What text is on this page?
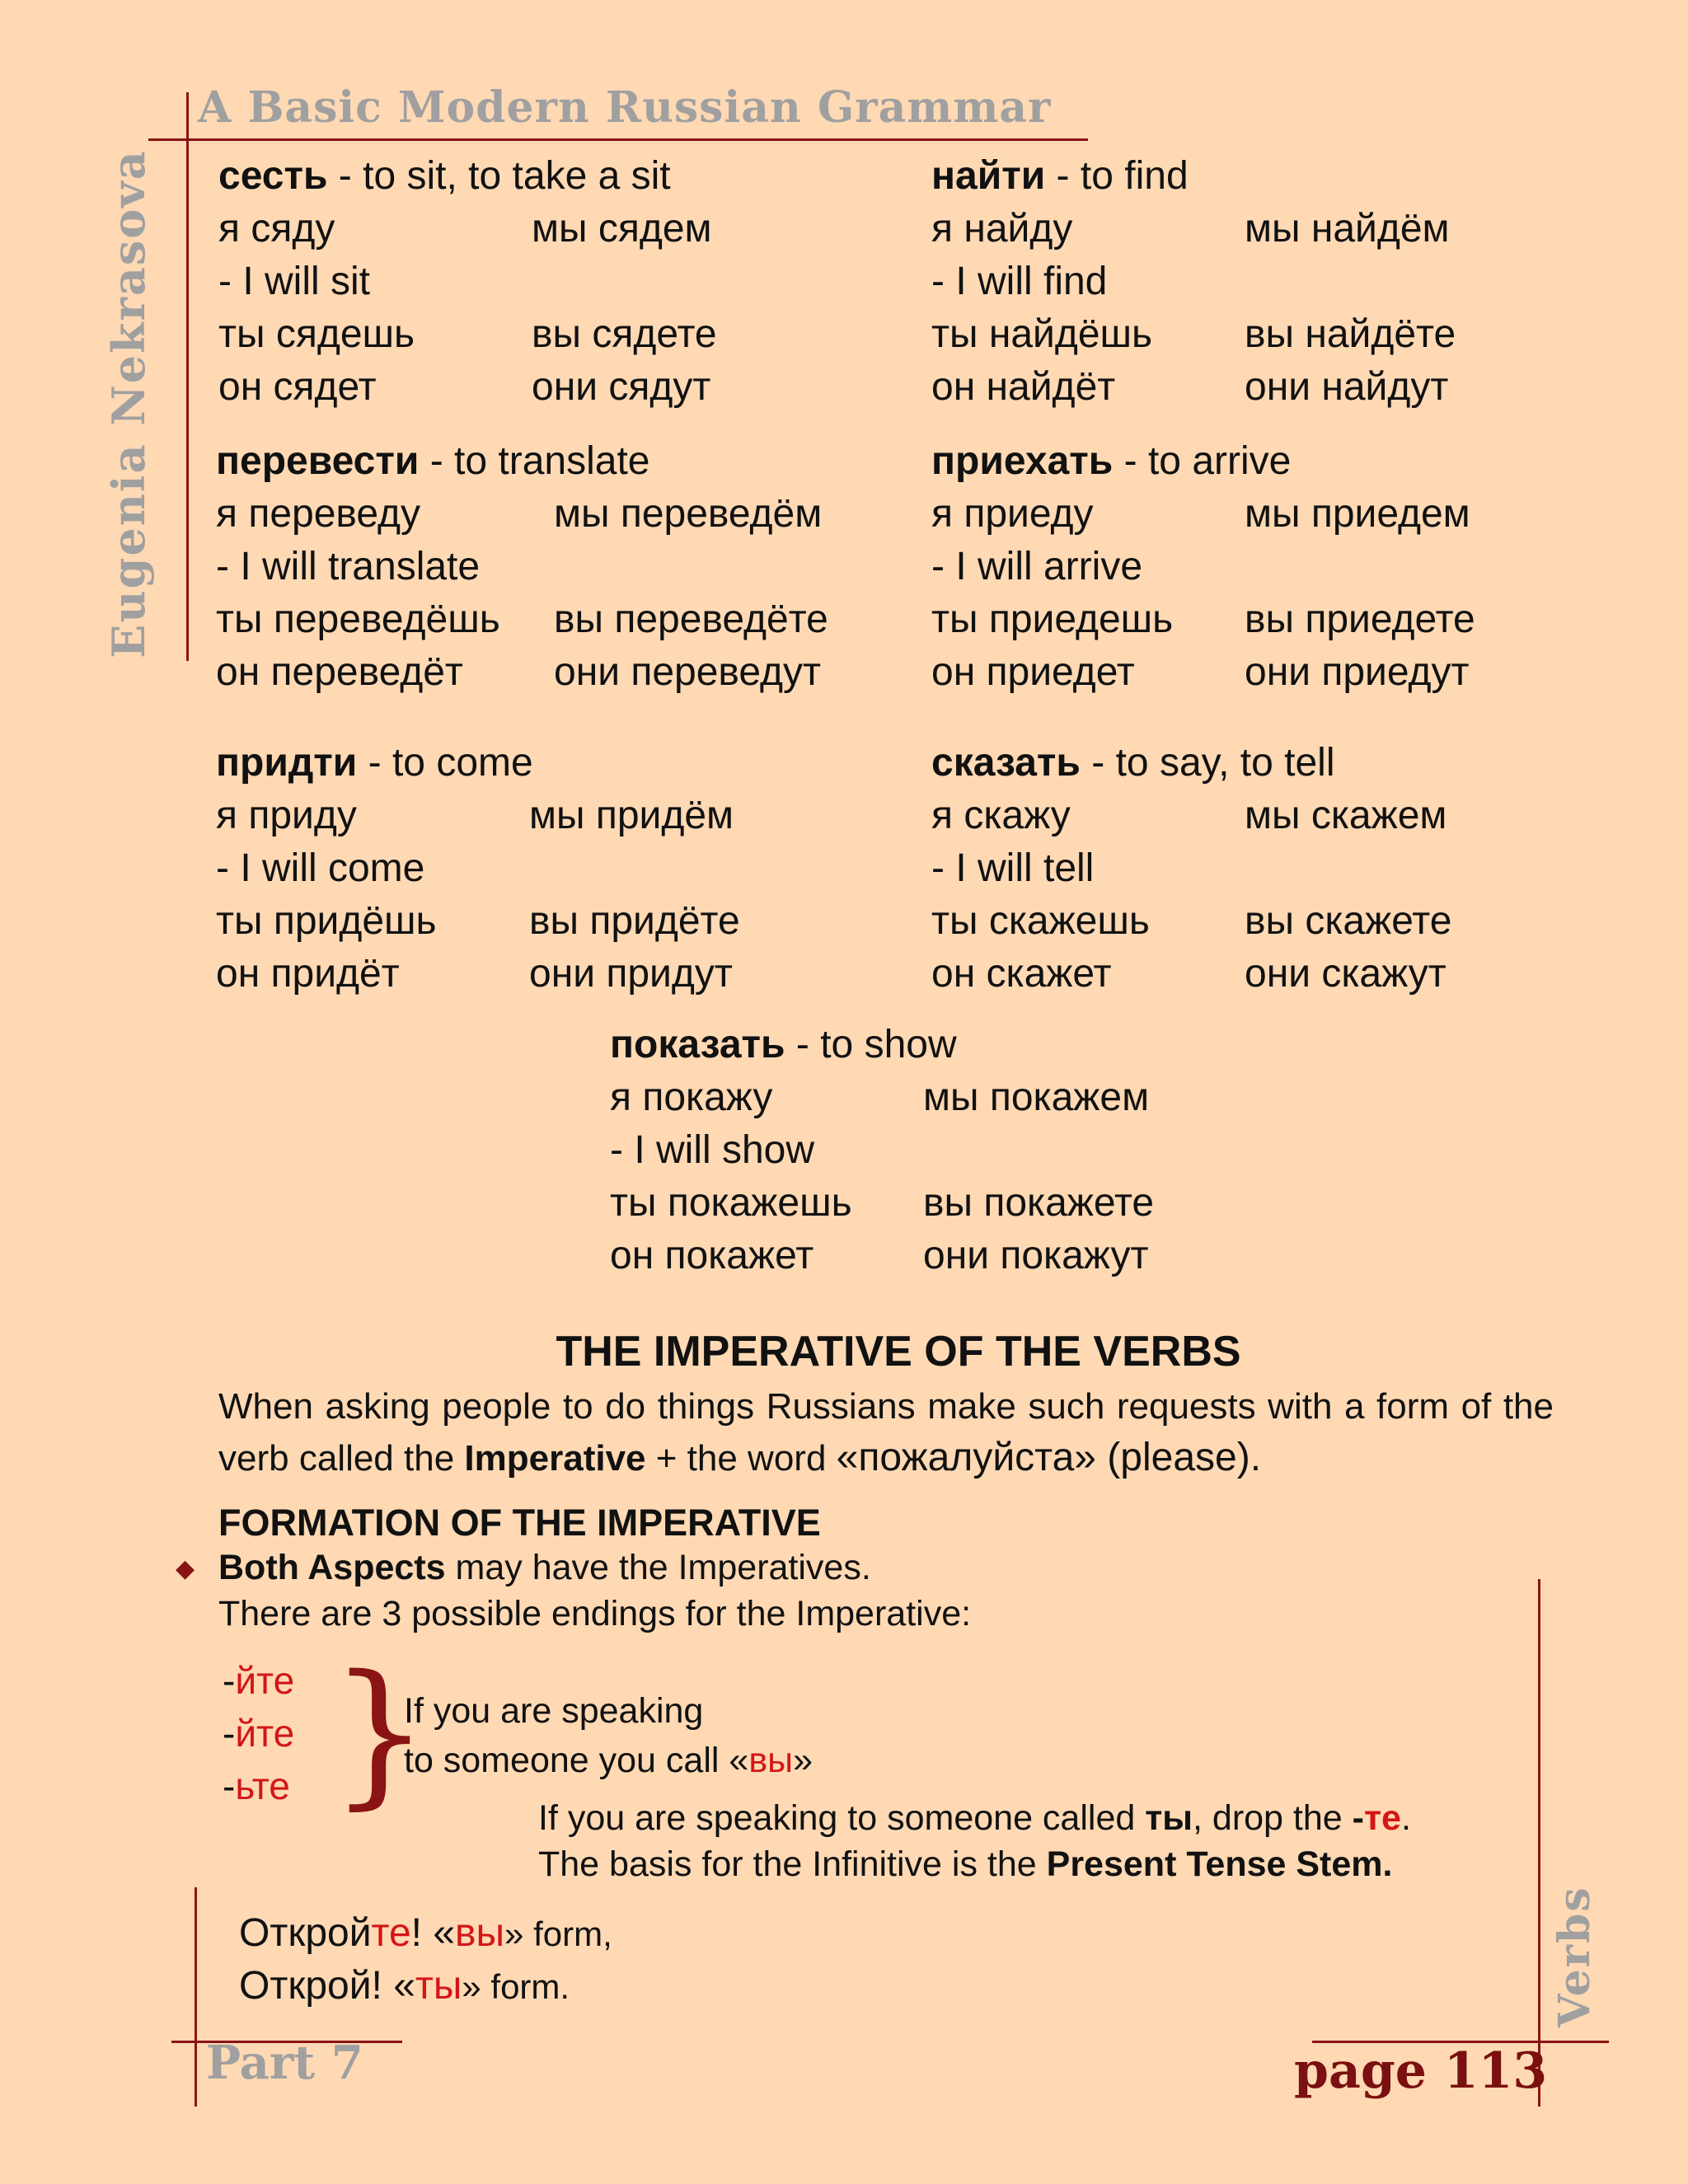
A Basic Modern Russian Grammar
Eugenia Nekrasova
Verbs
Part 7	page 113
сесть - to sit, to take a sit
я сяду	мы сядем
- I will sit
ты сядешь	вы сядете
он сядет	они сядут
найти - to find
я найду	мы найдём
- I will find
ты найдёшь вы найдёте
он найдёт	они найдут
перевести - to translate
я переведу	мы переведём
- I will translate
ты переведёшь вы переведёте
он переведёт они переведут
приехать - to arrive
я приеду	мы приедем
- I will arrive
ты приедешь вы приедете
он приедет	они приедут
придти - to come
я приду	мы придём
- I will come
ты придёшь вы придёте
он придёт	они придут
сказать - to say, to tell
я скажу	мы скажем
- I will tell
ты скажешь вы скажете
он скажет	они скажут
показать - to show
я покажу	мы покажем
- I will show
ты покажешь вы покажете
он покажет	они покажут
THE IMPERATIVE OF THE VERBS
When asking people to do things Russians make such requests with a form of the verb called the Imperative + the word «пожалуйста» (please).
FORMATION OF THE IMPERATIVE
◆ Both Aspects may have the Imperatives.
There are 3 possible endings for the Imperative:
-йте
-йте
-ьте }
If you are speaking
to someone you call «вы»
If you are speaking to someone called ты, drop the -те.
The basis for the Infinitive is the Present Tense Stem.
Откройте! «вы» form,
Открой! «ты» form.
